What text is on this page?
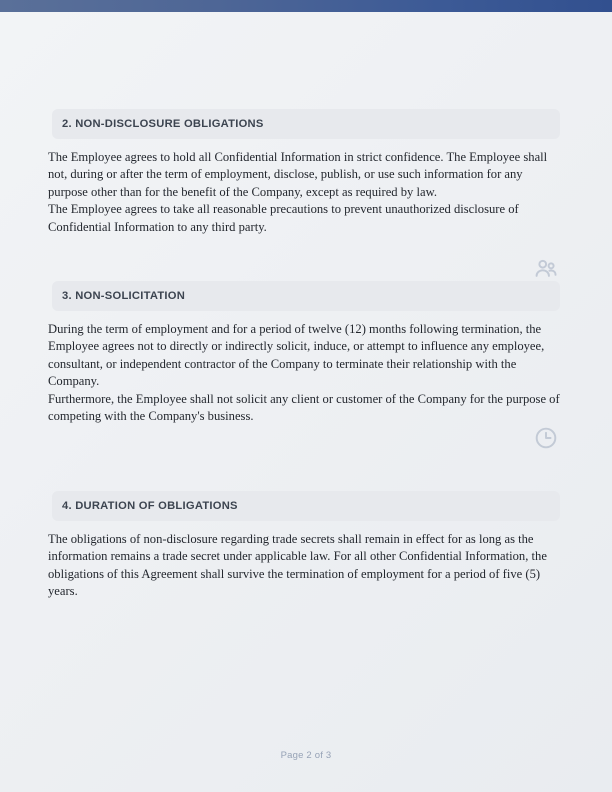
2. NON-DISCLOSURE OBLIGATIONS

The Employee agrees to hold all Confidential Information in strict confidence. The Employee shall not, during or after the term of employment, disclose, publish, or use such information for any purpose other than for the benefit of the Company, except as required by law.

The Employee agrees to take all reasonable precautions to prevent unauthorized disclosure of Confidential Information to any third party.

3. NON-SOLICITATION

During the term of employment and for a period of twelve (12) months following termination, the Employee agrees not to directly or indirectly solicit, induce, or attempt to influence any employee, consultant, or independent contractor of the Company to terminate their relationship with the Company.

Furthermore, the Employee shall not solicit any client or customer of the Company for the purpose of competing with the Company's business.

4. DURATION OF OBLIGATIONS

The obligations of non-disclosure regarding trade secrets shall remain in effect for as long as the information remains a trade secret under applicable law. For all other Confidential Information, the obligations of this Agreement shall survive the termination of employment for a period of five (5) years.

Page 2 of 3
